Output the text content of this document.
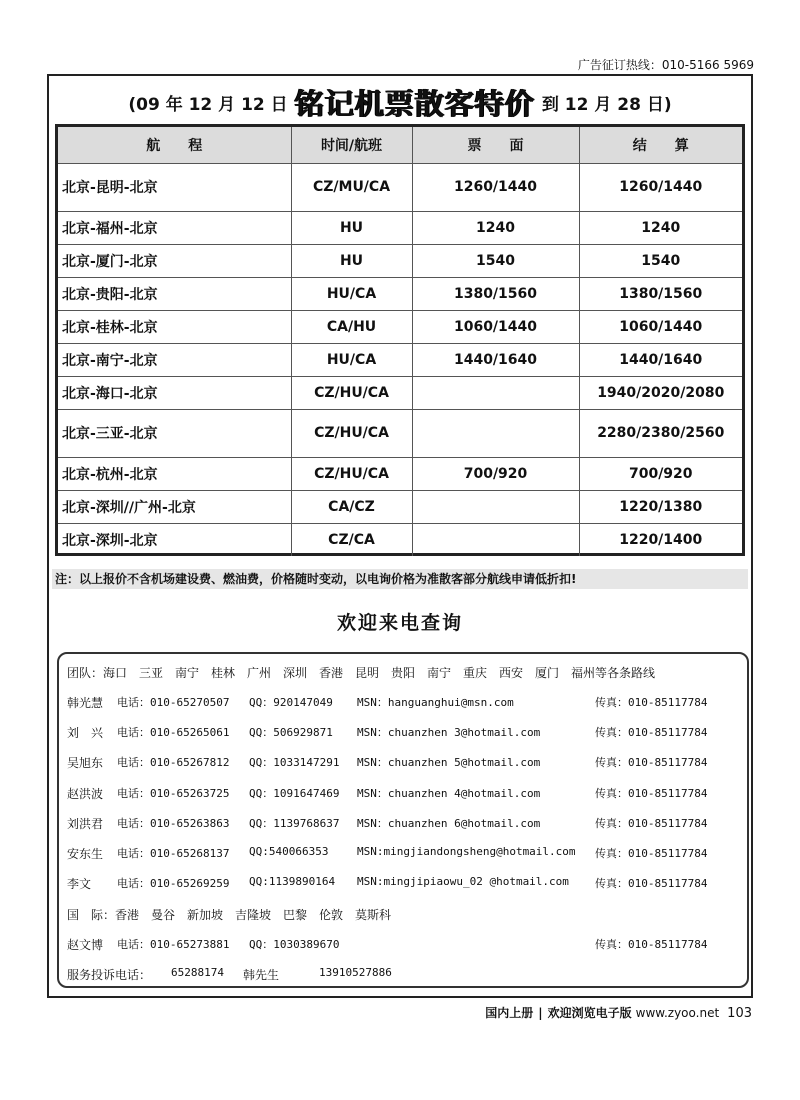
广告征订热线：010-5166 5969
(09 年 12 月 12 日 铭记机票散客特价 到 12 月 28 日)
航　　程	时间/航班	票　　面	结　　算
北京-昆明-北京	CZ/MU/CA	1260/1440	1260/1440
北京-福州-北京	HU	1240	1240
北京-厦门-北京	HU	1540	1540
北京-贵阳-北京	HU/CA	1380/1560	1380/1560
北京-桂林-北京	CA/HU	1060/1440	1060/1440
北京-南宁-北京	HU/CA	1440/1640	1440/1640
北京-海口-北京	CZ/HU/CA		1940/2020/2080
北京-三亚-北京	CZ/HU/CA		2280/2380/2560
北京-杭州-北京	CZ/HU/CA	700/920	700/920
北京-深圳//广州-北京	CA/CZ		1220/1380
北京-深圳-北京	CZ/CA		1220/1400
注：以上报价不含机场建设费、燃油费，价格随时变动，以电询价格为准散客部分航线申请低折扣!
欢迎来电查询
团队：海口　三亚　南宁　桂林　广州　深圳　香港　昆明　贵阳　南宁　重庆　西安　厦门　福州等各条路线
韩光慧 电话：010-65270507 QQ：920147049 MSN：hanguanghui@msn.com	传真：010-85117784
刘　兴 电话：010-65265061 QQ：506929871 MSN：chuanzhen 3@hotmail.com	传真：010-85117784
吴旭东 电话：010-65267812 QQ：1033147291 MSN：chuanzhen 5@hotmail.com	传真：010-85117784
赵洪波 电话：010-65263725 QQ：1091647469 MSN：chuanzhen 4@hotmail.com	传真：010-85117784
刘洪君 电话：010-65263863 QQ：1139768637 MSN：chuanzhen 6@hotmail.com	传真：010-85117784
安东生 电话：010-65268137 QQ:540066353	MSN:mingjiandongsheng@hotmail.com 传真：010-85117784
李文 电话：010-65269259 QQ:1139890164 MSN:mingjipiaowu_02 @hotmail.com 传真：010-85117784
国　际：香港　曼谷　新加坡　吉隆坡　巴黎　伦敦　莫斯科
赵文博 电话：010-65273881 QQ：1030389670	传真：010-85117784
服务投诉电话： 65288174 韩先生	13910527886
国内上册 | 欢迎浏览电子版 www.zyoo.net 103
